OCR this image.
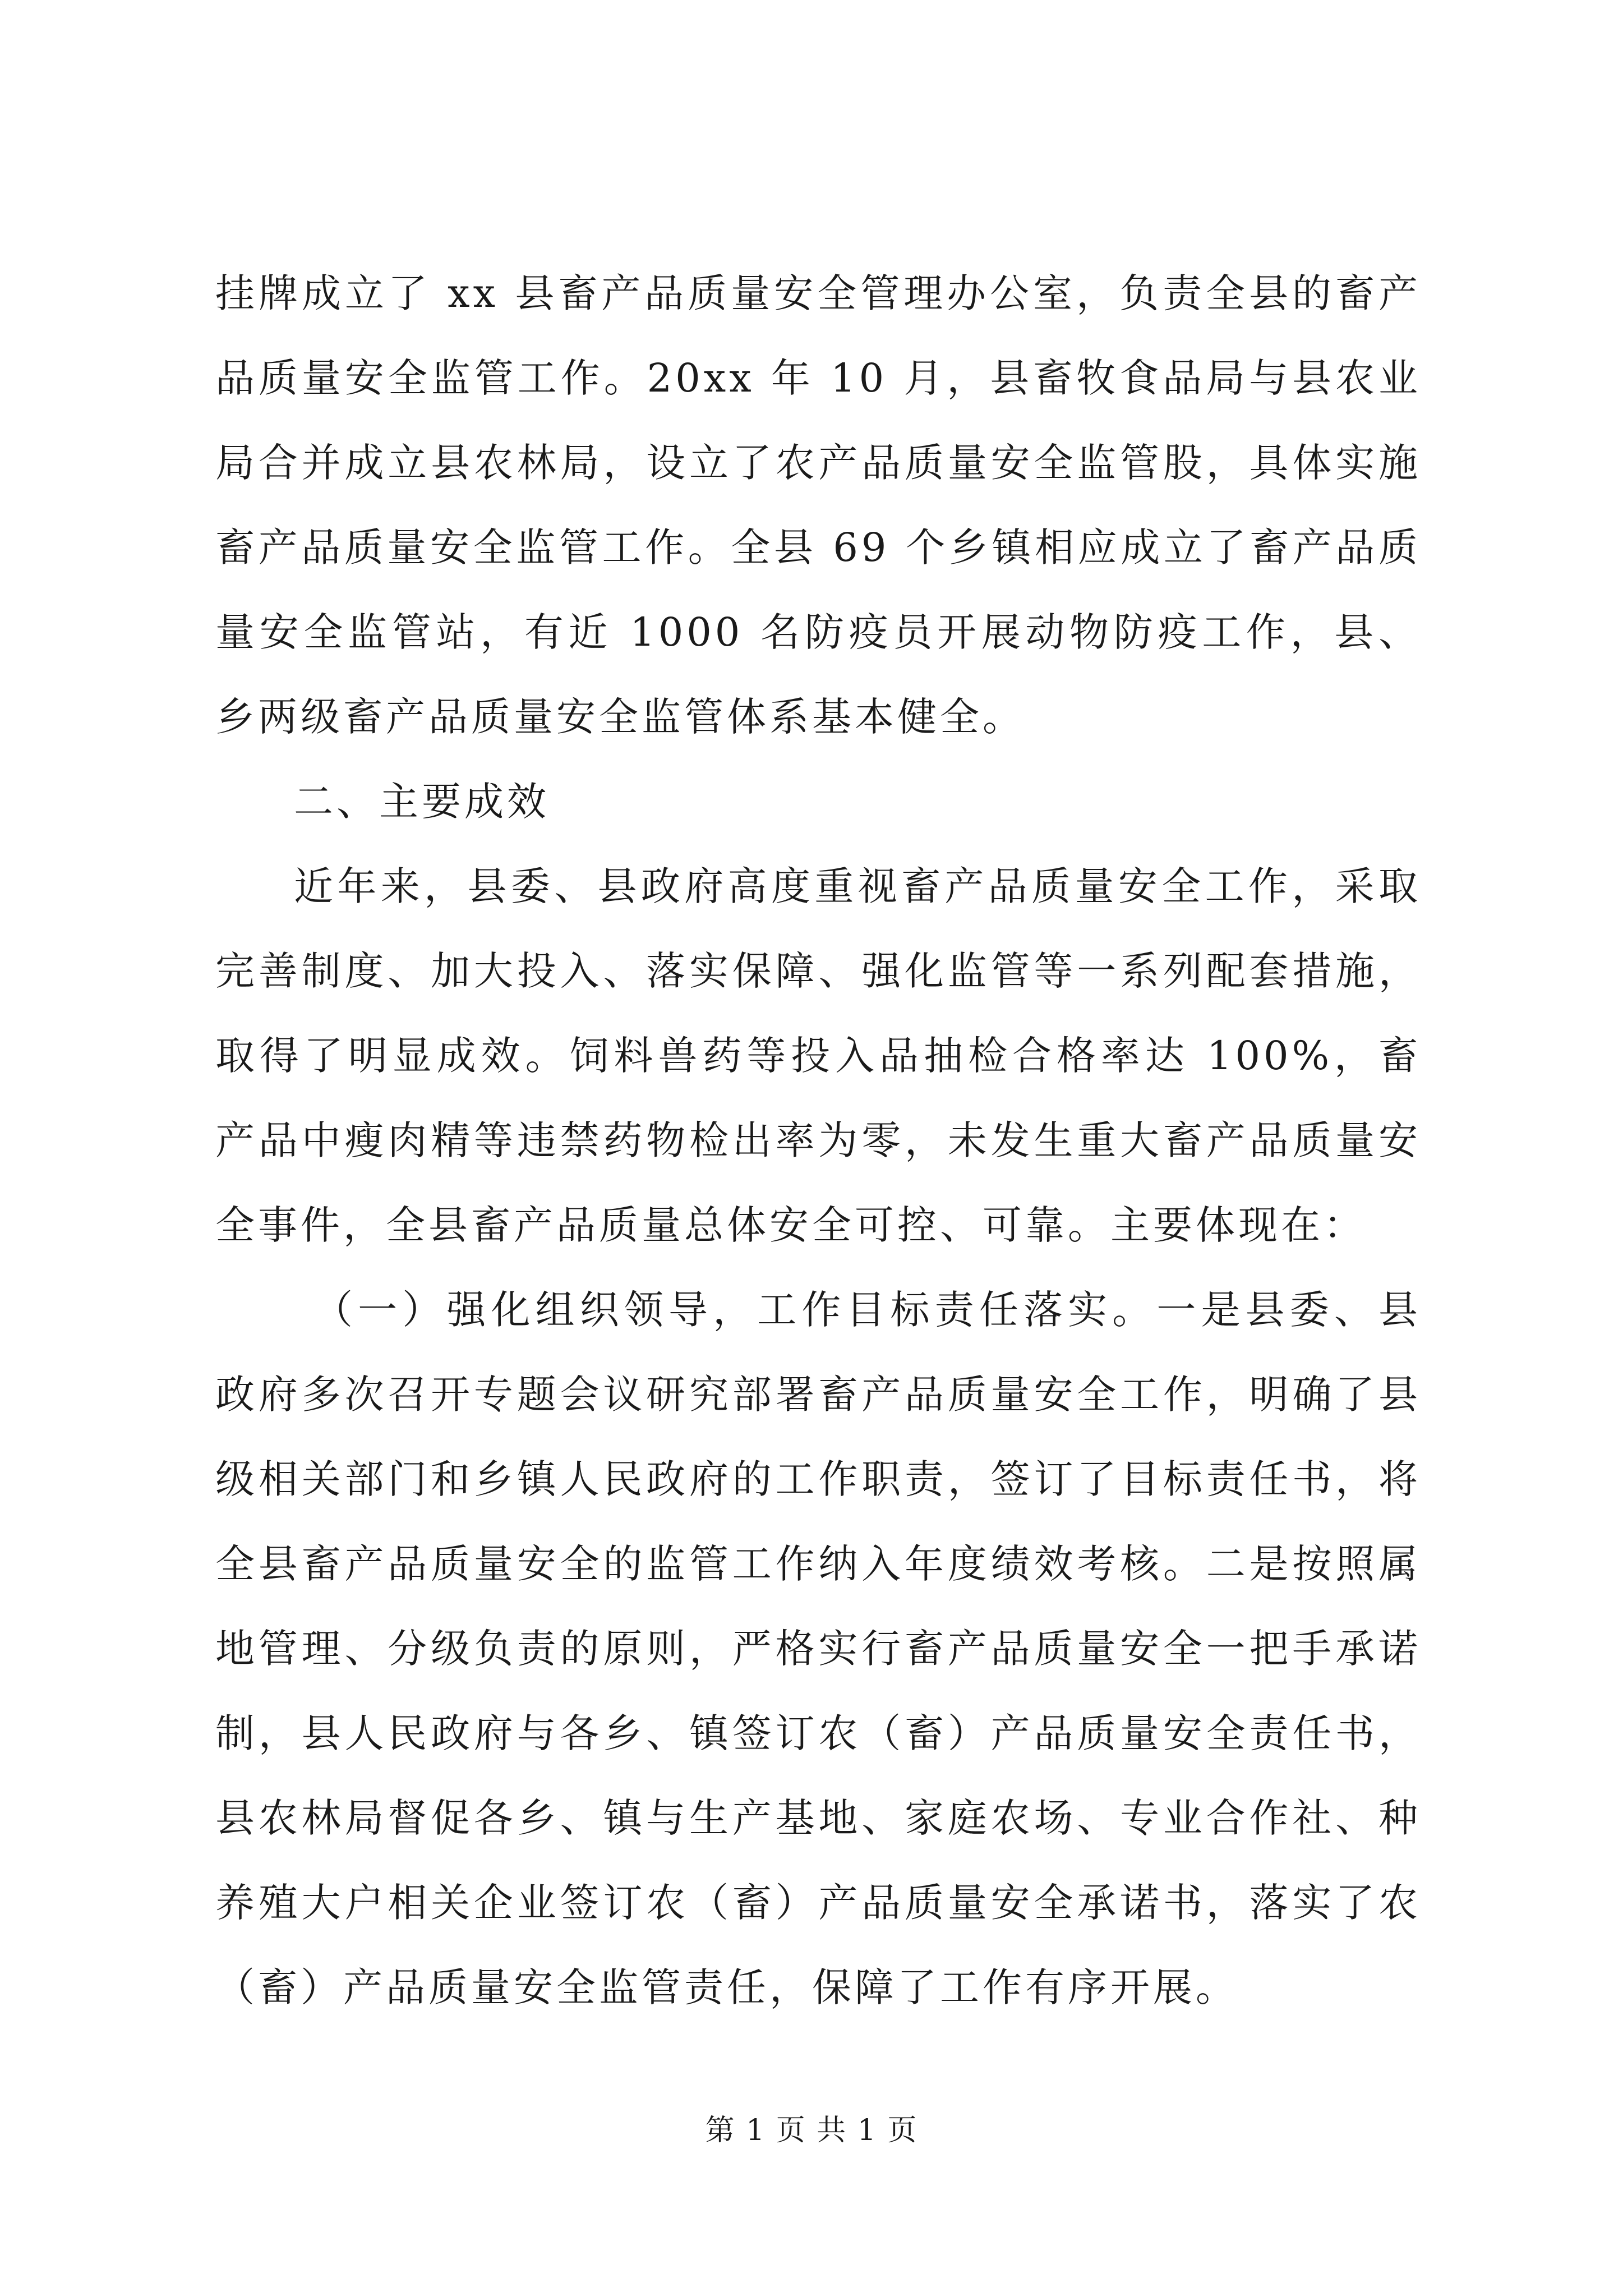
挂牌成立了 xx 县畜产品质量安全管理办公室，负责全县的畜产品质量安全监管工作。20xx 年 10 月，县畜牧食品局与县农业局合并成立县农林局，设立了农产品质量安全监管股，具体实施畜产品质量安全监管工作。全县 69 个乡镇相应成立了畜产品质量安全监管站，有近 1000 名防疫员开展动物防疫工作，县、乡两级畜产品质量安全监管体系基本健全。

二、主要成效

近年来，县委、县政府高度重视畜产品质量安全工作，采取完善制度、加大投入、落实保障、强化监管等一系列配套措施，取得了明显成效。饲料兽药等投入品抽检合格率达 100%，畜产品中瘦肉精等违禁药物检出率为零，未发生重大畜产品质量安全事件，全县畜产品质量总体安全可控、可靠。主要体现在：

（一）强化组织领导，工作目标责任落实。一是县委、县政府多次召开专题会议研究部署畜产品质量安全工作，明确了县级相关部门和乡镇人民政府的工作职责，签订了目标责任书，将全县畜产品质量安全的监管工作纳入年度绩效考核。二是按照属地管理、分级负责的原则，严格实行畜产品质量安全一把手承诺制，县人民政府与各乡、镇签订农（畜）产品质量安全责任书，县农林局督促各乡、镇与生产基地、家庭农场、专业合作社、种养殖大户相关企业签订农（畜）产品质量安全承诺书，落实了农（畜）产品质量安全监管责任，保障了工作有序开展。

第 1 页 共 1 页
